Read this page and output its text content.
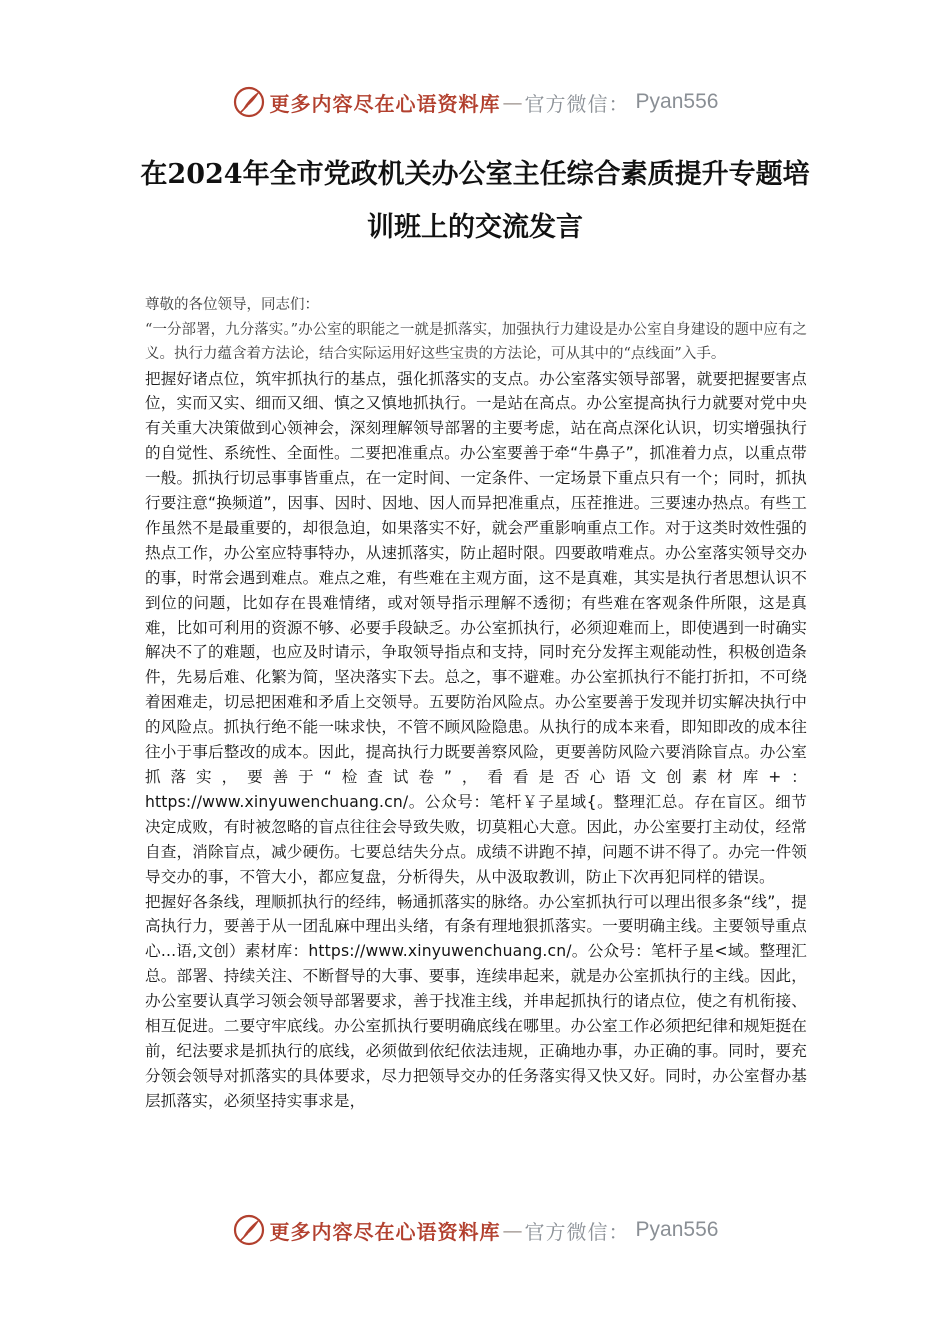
更多内容尽在心语资料库 — 官方微信： Pyan556
在2024年全市党政机关办公室主任综合素质提升专题培训班上的交流发言

尊敬的各位领导，同志们：

“一分部署，九分落实。”办公室的职能之一就是抓落实，加强执行力建设是办公室自身建设的题中应有之义。执行力蕴含着方法论，结合实际运用好这些宝贵的方法论，可从其中的“点线面”入手。

把握好诸点位，筑牢抓执行的基点，强化抓落实的支点。办公室落实领导部署，就要把握要害点位，实而又实、细而又细、慎之又慎地抓执行。一是站在高点。办公室提高执行力就要对党中央有关重大决策做到心领神会，深刻理解领导部署的主要考虑，站在高点深化认识，切实增强执行的自觉性、系统性、全面性。二要把准重点。办公室要善于牵“牛鼻子”，抓准着力点，以重点带一般。抓执行切忌事事皆重点，在一定时间、一定条件、一定场景下重点只有一个；同时，抓执行要注意“换频道”，因事、因时、因地、因人而异把准重点，压茬推进。三要速办热点。有些工作虽然不是最重要的，却很急迫，如果落实不好，就会严重影响重点工作。对于这类时效性强的热点工作，办公室应特事特办，从速抓落实，防止超时限。四要敢啃难点。办公室落实领导交办的事，时常会遇到难点。难点之难，有些难在主观方面，这不是真难，其实是执行者思想认识不到位的问题，比如存在畏难情绪，或对领导指示理解不透彻；有些难在客观条件所限，这是真难，比如可利用的资源不够、必要手段缺乏。办公室抓执行，必须迎难而上，即使遇到一时确实解决不了的难题，也应及时请示，争取领导指点和支持，同时充分发挥主观能动性，积极创造条件，先易后难、化繁为简，坚决落实下去。总之，事不避难。办公室抓执行不能打折扣，不可绕着困难走，切忌把困难和矛盾上交领导。五要防治风险点。办公室要善于发现并切实解决执行中的风险点。抓执行绝不能一味求快，不管不顾风险隐患。从执行的成本来看，即知即改的成本往往小于事后整改的成本。因此，提高执行力既要善察风险，更要善防风险六要消除盲点。办公室抓落实，要善于“检查试卷”，看看是否心语文创素材库+：https://www.xinyuwenchuang.cn/。公众号：笔杆￥子星域{。整理汇总。存在盲区。细节决定成败，有时被忽略的盲点往往会导致失败，切莫粗心大意。因此，办公室要打主动仗，经常自查，消除盲点，减少硬伤。七要总结失分点。成绩不讲跑不掉，问题不讲不得了。办完一件领导交办的事，不管大小，都应复盘，分析得失，从中汲取教训，防止下次再犯同样的错误。

把握好各条线，理顺抓执行的经纬，畅通抓落实的脉络。办公室抓执行可以理出很多条“线”，提高执行力，要善于从一团乱麻中理出头绪，有条有理地狠抓落实。一要明确主线。主要领导重点心...语,文创）素材库：https://www.xinyuwenchuang.cn/。公众号：笔杆子星<域。整理汇总。部署、持续关注、不断督导的大事、要事，连续串起来，就是办公室抓执行的主线。因此，办公室要认真学习领会领导部署要求，善于找准主线，并串起抓执行的诸点位，使之有机衔接、相互促进。二要守牢底线。办公室抓执行要明确底线在哪里。办公室工作必须把纪律和规矩挺在前，纪法要求是抓执行的底线，必须做到依纪依法违规，正确地办事，办正确的事。同时，要充分领会领导对抓落实的具体要求，尽力把领导交办的任务落实得又快又好。同时，办公室督办基层抓落实，必须坚持实事求是，

更多内容尽在心语资料库 — 官方微信： Pyan556
